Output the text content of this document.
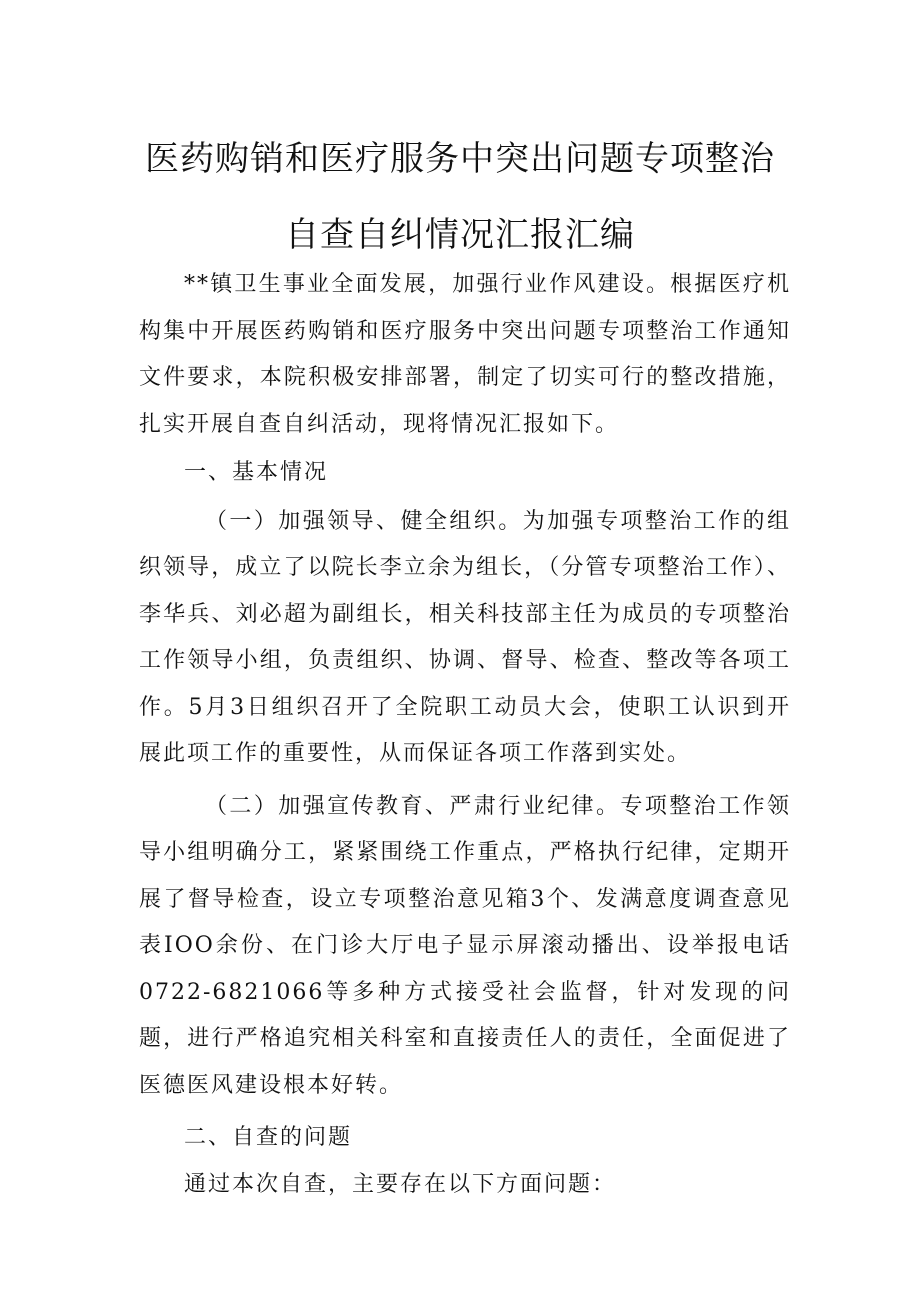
医药购销和医疗服务中突出问题专项整治
自查自纠情况汇报汇编

**镇卫生事业全面发展，加强行业作风建设。根据医疗机构集中开展医药购销和医疗服务中突出问题专项整治工作通知文件要求，本院积极安排部署，制定了切实可行的整改措施，扎实开展自查自纠活动，现将情况汇报如下。

一、基本情况

（一）加强领导、健全组织。为加强专项整治工作的组织领导，成立了以院长李立余为组长，（分管专项整治工作）、李华兵、刘必超为副组长，相关科技部主任为成员的专项整治工作领导小组，负责组织、协调、督导、检查、整改等各项工作。5月3日组织召开了全院职工动员大会，使职工认识到开展此项工作的重要性，从而保证各项工作落到实处。

（二）加强宣传教育、严肃行业纪律。专项整治工作领导小组明确分工，紧紧围绕工作重点，严格执行纪律，定期开展了督导检查，设立专项整治意见箱3个、发满意度调查意见表IOO余份、在门诊大厅电子显示屏滚动播出、设举报电话0722-6821066等多种方式接受社会监督，针对发现的问题，进行严格追究相关科室和直接责任人的责任，全面促进了医德医风建设根本好转。

二、自查的问题

通过本次自查，主要存在以下方面问题：
